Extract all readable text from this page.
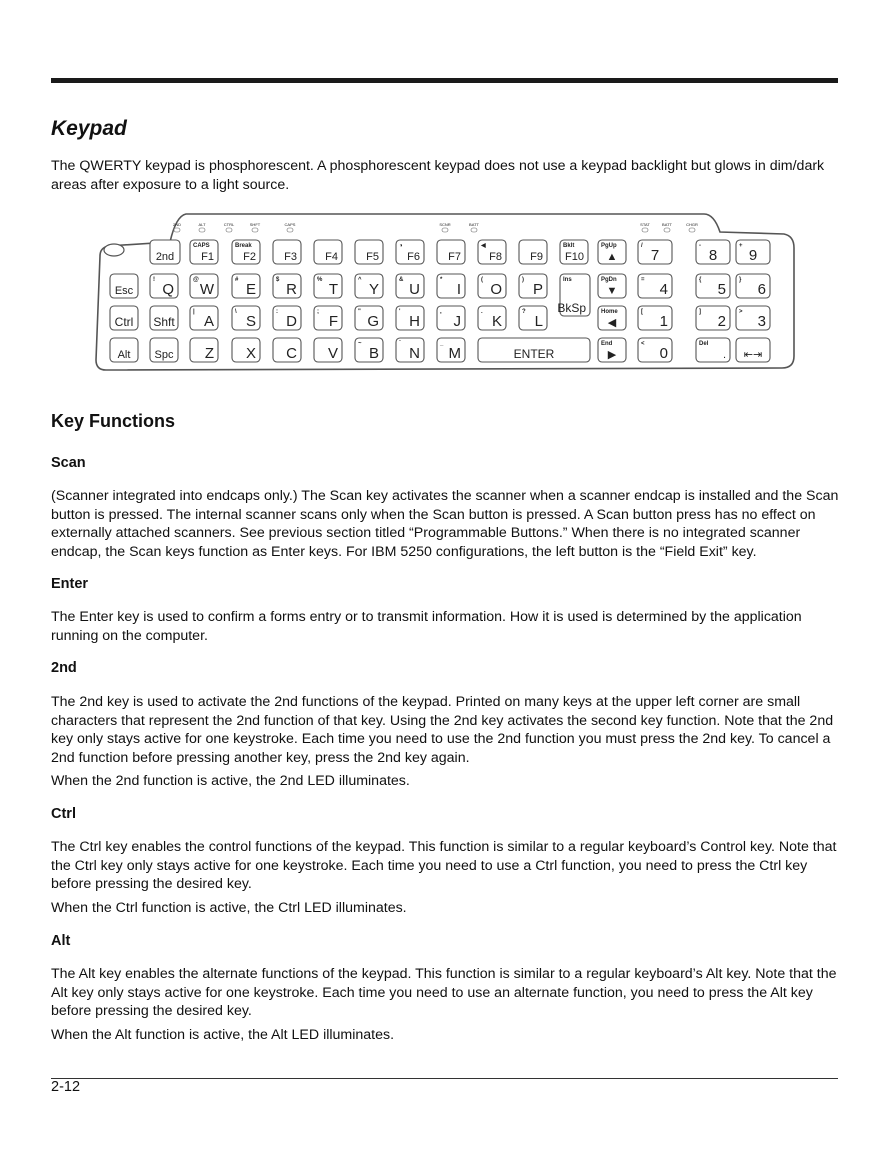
Keypad

The QWERTY keypad is phosphorescent. A phosphorescent keypad does not use a keypad backlight but glows in dim/dark areas after exposure to a light source.

2ND	ALT	CTRL	SHFT	CAPS	SCNR	BATT	STAT	BATT	CHGR
2nd
CAPS
F1
Break
F2	F3	F4	F5
◑
F6	F7
◀
F8	F9
Bklt
F10
PgUp
▲
/
7
-
8
+
9
Esc
!
Q
@
W
#
E
$
R
%
T
^
Y
&
U
*
I
(
O
)
P
Ins
BkSp
PgDn
▼
=
4
{
5
}
6
Ctrl Shft
|
A
\
S
:
D
;
F
"
G
'
H
,
J
.
K
?
L
Home
◀
[
1
]
2
>
3
Alt Spc Z X C V
~
B
`
N
_
M	ENTER
End
▶
<
0
Del
. ⇤⇥
Key Functions
Scan

(Scanner integrated into endcaps only.) The Scan key activates the scanner when a scanner endcap is installed and the Scan button is pressed. The internal scanner scans only when the Scan button is pressed. A Scan button press has no effect on externally attached scanners. See previous section titled “Programmable Buttons.” When there is no integrated scanner endcap, the Scan keys function as Enter keys. For IBM 5250 configurations, the left button is the “Field Exit” key.

Enter

The Enter key is used to confirm a forms entry or to transmit information. How it is used is determined by the application running on the computer.

2nd

The 2nd key is used to activate the 2nd functions of the keypad. Printed on many keys at the upper left corner are small characters that represent the 2nd function of that key. Using the 2nd key activates the second key function. Note that the 2nd key only stays active for one keystroke. Each time you need to use the 2nd function you must press the 2nd key. To cancel a 2nd function before pressing another key, press the 2nd key again.

When the 2nd function is active, the 2nd LED illuminates.

Ctrl

The Ctrl key enables the control functions of the keypad. This function is similar to a regular keyboard’s Control key. Note that the Ctrl key only stays active for one keystroke. Each time you need to use a Ctrl function, you need to press the Ctrl key before pressing the desired key.

When the Ctrl function is active, the Ctrl LED illuminates.

Alt

The Alt key enables the alternate functions of the keypad. This function is similar to a regular keyboard’s Alt key. Note that the Alt key only stays active for one keystroke. Each time you need to use an alternate function, you need to press the Alt key before pressing the desired key.

When the Alt function is active, the Alt LED illuminates.

2-12
